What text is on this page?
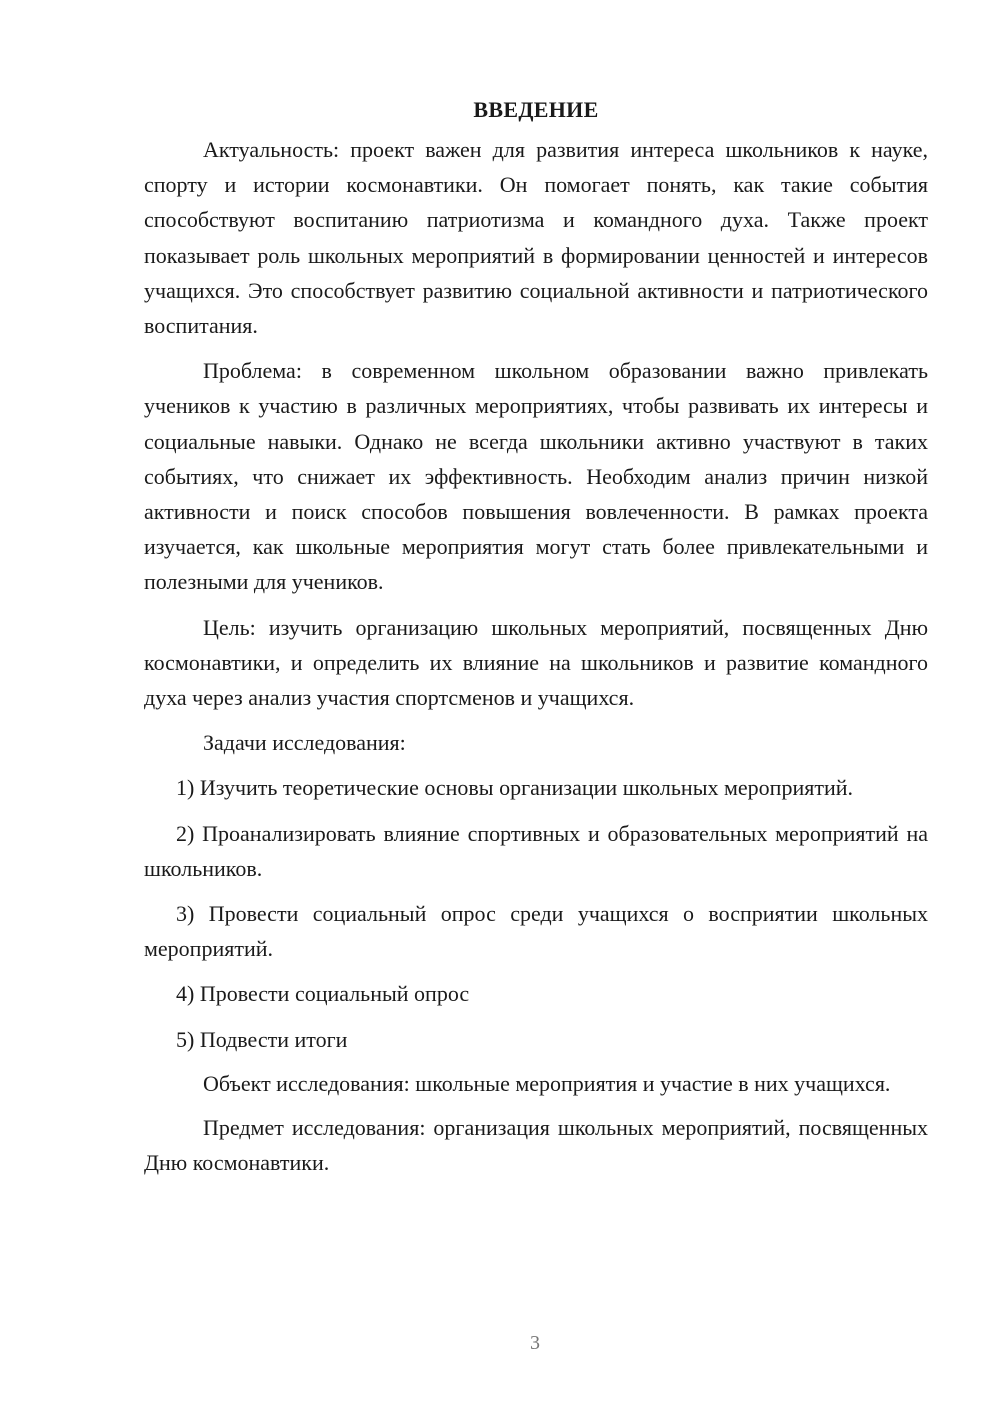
ВВЕДЕНИЕ

Актуальность: проект важен для развития интереса школьников к науке, спорту и истории космонавтики. Он помогает понять, как такие события способствуют воспитанию патриотизма и командного духа. Также проект показывает роль школьных мероприятий в формировании ценностей и интересов учащихся. Это способствует развитию социальной активности и патриотического воспитания.

Проблема: в современном школьном образовании важно привлекать учеников к участию в различных мероприятиях, чтобы развивать их интересы и социальные навыки. Однако не всегда школьники активно участвуют в таких событиях, что снижает их эффективность. Необходим анализ причин низкой активности и поиск способов повышения вовлеченности. В рамках проекта изучается, как школьные мероприятия могут стать более привлекательными и полезными для учеников.

Цель: изучить организацию школьных мероприятий, посвященных Дню космонавтики, и определить их влияние на школьников и развитие командного духа через анализ участия спортсменов и учащихся.

Задачи исследования:

1) Изучить теоретические основы организации школьных мероприятий.

2) Проанализировать влияние спортивных и образовательных мероприятий на школьников.

3) Провести социальный опрос среди учащихся о восприятии школьных мероприятий.

4) Провести социальный опрос

5) Подвести итоги

Объект исследования: школьные мероприятия и участие в них учащихся.

Предмет исследования: организация школьных мероприятий, посвященных Дню космонавтики.

3
